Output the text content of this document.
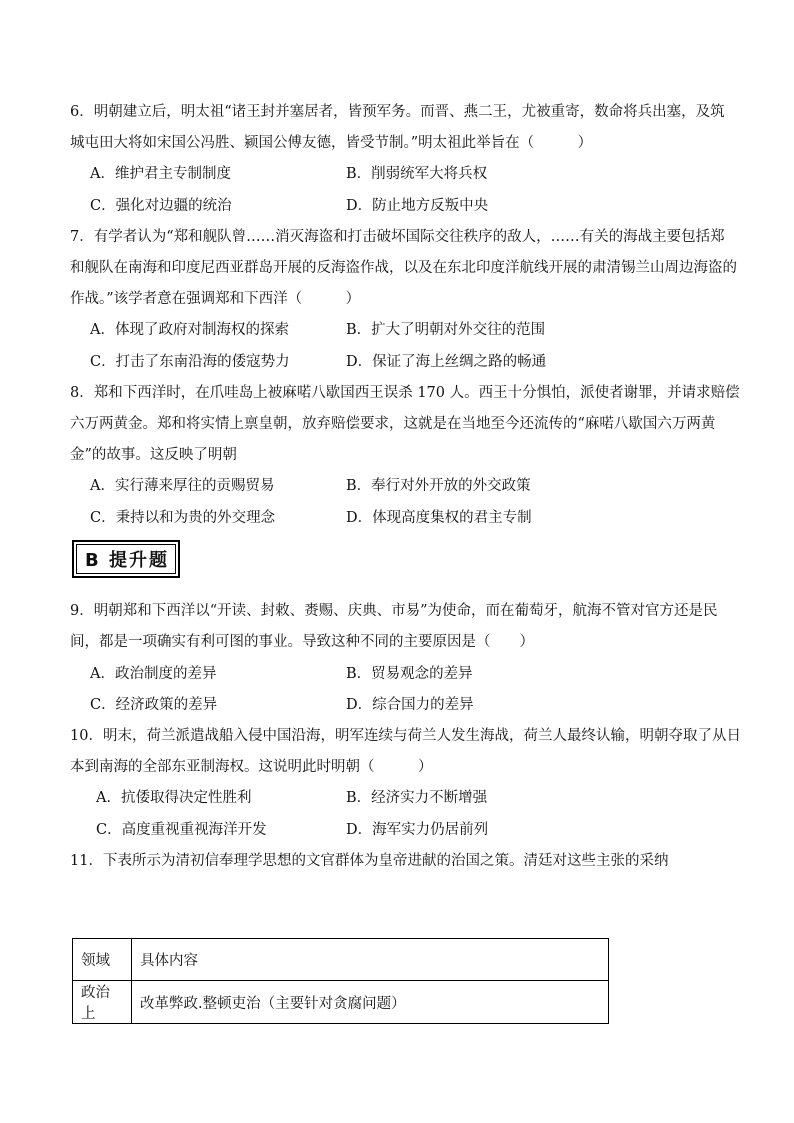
6．明朝建立后，明太祖“诸王封并塞居者，皆预军务。而晋、燕二王，尤被重寄，数命将兵出塞，及筑
城屯田大将如宋国公冯胜、颍国公傅友德，皆受节制。”明太祖此举旨在（　　　）
A．维护君主专制制度	B．削弱统军大将兵权
C．强化对边疆的统治	D．防止地方反叛中央
7．有学者认为“郑和舰队曾……消灭海盗和打击破坏国际交往秩序的敌人，……有关的海战主要包括郑
和舰队在南海和印度尼西亚群岛开展的反海盗作战，以及在东北印度洋航线开展的肃清锡兰山周边海盗的
作战。”该学者意在强调郑和下西洋（　　　）
A．体现了政府对制海权的探索	B．扩大了明朝对外交往的范围
C．打击了东南沿海的倭寇势力	D．保证了海上丝绸之路的畅通
8．郑和下西洋时，在爪哇岛上被麻喏八歇国西王误杀 170 人。西王十分惧怕，派使者谢罪，并请求赔偿
六万两黄金。郑和将实情上禀皇朝，放弃赔偿要求，这就是在当地至今还流传的“麻喏八歇国六万两黄
金”的故事。这反映了明朝
A．实行薄来厚往的贡赐贸易	B．奉行对外开放的外交政策
C．秉持以和为贵的外交理念	D．体现高度集权的君主专制
B 提升题
9．明朝郑和下西洋以“开读、封敕、赉赐、庆典、市易”为使命，而在葡萄牙，航海不管对官方还是民
间，都是一项确实有利可图的事业。导致这种不同的主要原因是（　　）
A．政治制度的差异	B．贸易观念的差异
C．经济政策的差异	D．综合国力的差异
10．明末，荷兰派遣战船入侵中国沿海，明军连续与荷兰人发生海战，荷兰人最终认输，明朝夺取了从日
本到南海的全部东亚制海权。这说明此时明朝（　　　）
A．抗倭取得决定性胜利	B．经济实力不断增强
C．高度重视重视海洋开发	D．海军实力仍居前列
11．下表所示为清初信奉理学思想的文官群体为皇帝进献的治国之策。清廷对这些主张的采纳
领域	具体内容
政治上	改革弊政.整顿吏治（主要针对贪腐问题）
